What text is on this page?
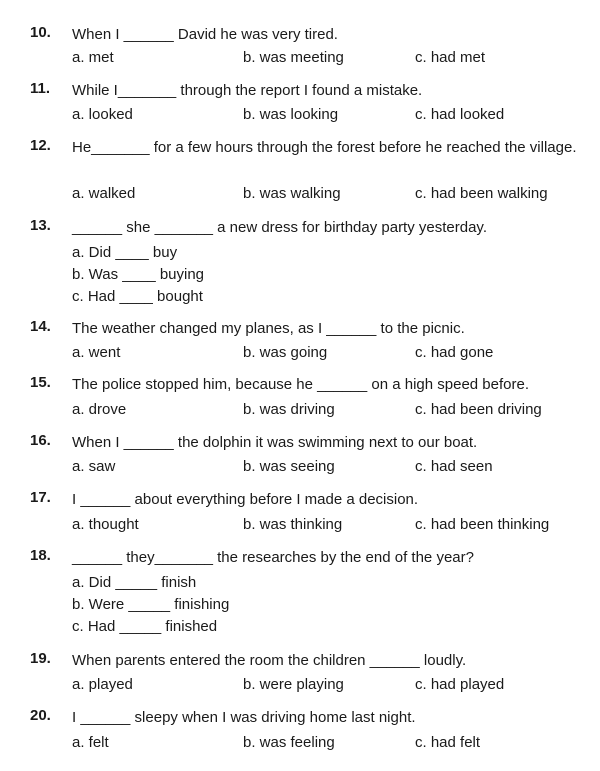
10. When I ______ David he was very tired.
a. met	b. was meeting	c. had met
11. While I_______ through the report I found a mistake.
a. looked	b. was looking	c. had looked
12. He_______ for a few hours through the forest before he reached the village.
a. walked	b. was walking	c. had been walking
13. ______ she _______ a new dress for birthday party yesterday.
a. Did ____ buy
b. Was ____ buying
c. Had ____ bought
14. The weather changed my planes, as I ______ to the picnic.
a. went	b. was going	c. had gone
15. The police stopped him, because he ______ on a high speed before.
a. drove	b. was driving	c. had been driving
16. When I ______ the dolphin it was swimming next to our boat.
a. saw	b. was seeing	c. had seen
17. I ______ about everything before I made a decision.
a. thought	b. was thinking	c. had been thinking
18. ______ they_______ the researches by the end of the year?
a. Did _____ finish
b. Were _____ finishing
c. Had _____ finished
19. When parents entered the room the children ______ loudly.
a. played	b. were playing	c. had played
20. I ______ sleepy when I was driving home last night.
a. felt	b. was feeling	c. had felt
